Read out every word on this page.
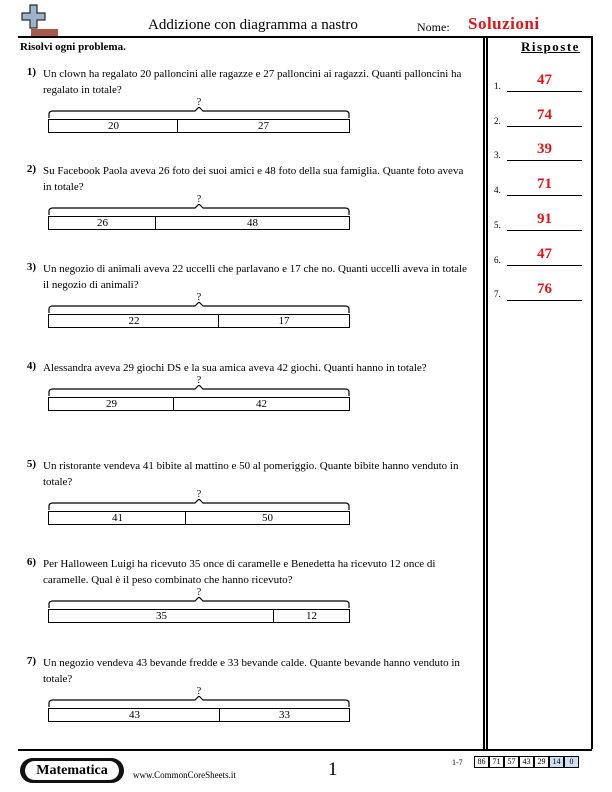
Addizione con diagramma a nastro	Nome: Soluzioni
Risolvi ogni problema.	Risposte
1) Un clown ha regalato 20 palloncini alle ragazze e 27 palloncini ai ragazzi. Quanti palloncini ha regalato in totale?
?
20	27
2) Su Facebook Paola aveva 26 foto dei suoi amici e 48 foto della sua famiglia. Quante foto aveva in totale?
?
26	48
3) Un negozio di animali aveva 22 uccelli che parlavano e 17 che no. Quanti uccelli aveva in totale il negozio di animali?
?
22	17
4) Alessandra aveva 29 giochi DS e la sua amica aveva 42 giochi. Quanti hanno in totale?
?
29	42
5) Un ristorante vendeva 41 bibite al mattino e 50 al pomeriggio. Quante bibite hanno venduto in totale?
?
41	50
6) Per Halloween Luigi ha ricevuto 35 once di caramelle e Benedetta ha ricevuto 12 once di caramelle. Qual è il peso combinato che hanno ricevuto?
?
35	12
7) Un negozio vendeva 43 bevande fredde e 33 bevande calde. Quante bevande hanno venduto in totale?
?
43	33
1.	47
2.	74
3.	39
4.	71
5.	91
6.	47
7.	76
Matematica	www.CommonCoreSheets.it	1	1-7	86 71 57 43 29 14	0
